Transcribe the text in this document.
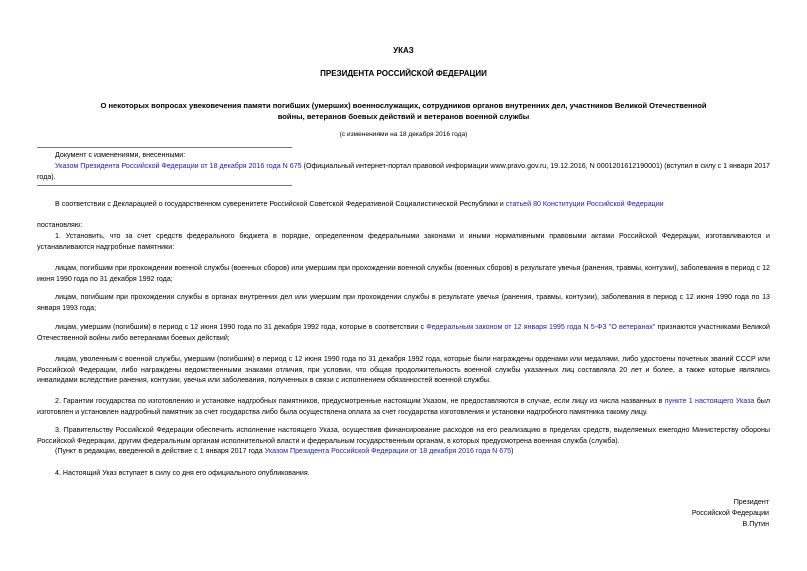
УКАЗ
ПРЕЗИДЕНТА РОССИЙСКОЙ ФЕДЕРАЦИИ
О некоторых вопросах увековечения памяти погибших (умерших) военнослужащих, сотрудников органов внутренних дел, участников Великой Отечественной
войны, ветеранов боевых действий и ветеранов военной службы
(с изменениями на 18 декабря 2016 года)
Документ с изменениями, внесенными:
Указом Президента Российской Федерации от 18 декабря 2016 года N 675 (Официальный интернет-портал правовой информации www.pravo.gov.ru, 19.12.2016, N 0001201612190001) (вступил в силу с 1 января 2017 года).
В соответствии с Декларацией о государственном суверенитете Российской Советской Федеративной Социалистической Республики и статьей 80 Конституции Российской Федерации
постановляю:
1. Установить, что за счет средств федерального бюджета в порядке, определенном федеральными законами и иными нормативными правовыми актами Российской Федерации, изготавливаются и устанавливаются надгробные памятники:
лицам, погибшим при прохождении военной службы (военных сборов) или умершим при прохождении военной службы (военных сборов) в результате увечья (ранения, травмы, контузии), заболевания в период с 12 июня 1990 года по 31 декабря 1992 года;
лицам, погибшим при прохождении службы в органах внутренних дел или умершим при прохождении службы в результате увечья (ранения, травмы, контузии), заболевания в период с 12 июня 1990 года по 13 января 1993 года;
лицам, умершим (погибшим) в период с 12 июня 1990 года по 31 декабря 1992 года, которые в соответствии с Федеральным законом от 12 января 1995 года N 5-ФЗ "О ветеранах" признаются участниками Великой Отечественной войны либо ветеранами боевых действий;
лицам, уволенным с военной службы, умершим (погибшим) в период с 12 июня 1990 года по 31 декабря 1992 года, которые были награждены орденами или медалями, либо удостоены почетных званий СССР или Российской Федерации, либо награждены ведомственными знаками отличия, при условии, что общая продолжительность военной службы указанных лиц составляла 20 лет и более, а также которые являлись инвалидами вследствие ранения, контузии, увечья или заболевания, полученных в связи с исполнением обязанностей военной службы.
2. Гарантии государства по изготовлению и установке надгробных памятников, предусмотренные настоящим Указом, не предоставляются в случае, если лицу из числа названных в пункте 1 настоящего Указа был изготовлен и установлен надгробный памятник за счет государства либо была осуществлена оплата за счет государства изготовления и установки надгробного памятника такому лицу.
3. Правительству Российской Федерации обеспечить исполнение настоящего Указа, осуществив финансирование расходов на его реализацию в пределах средств, выделяемых ежегодно Министерству обороны Российской Федерации, другим федеральным органам исполнительной власти и федеральным государственным органам, в которых предусмотрена военная служба (служба).
(Пункт в редакции, введенной в действие с 1 января 2017 года Указом Президента Российской Федерации от 18 декабря 2016 года N 675)
4. Настоящий Указ вступает в силу со дня его официального опубликования.
Президент
Российской Федерации
В.Путин
